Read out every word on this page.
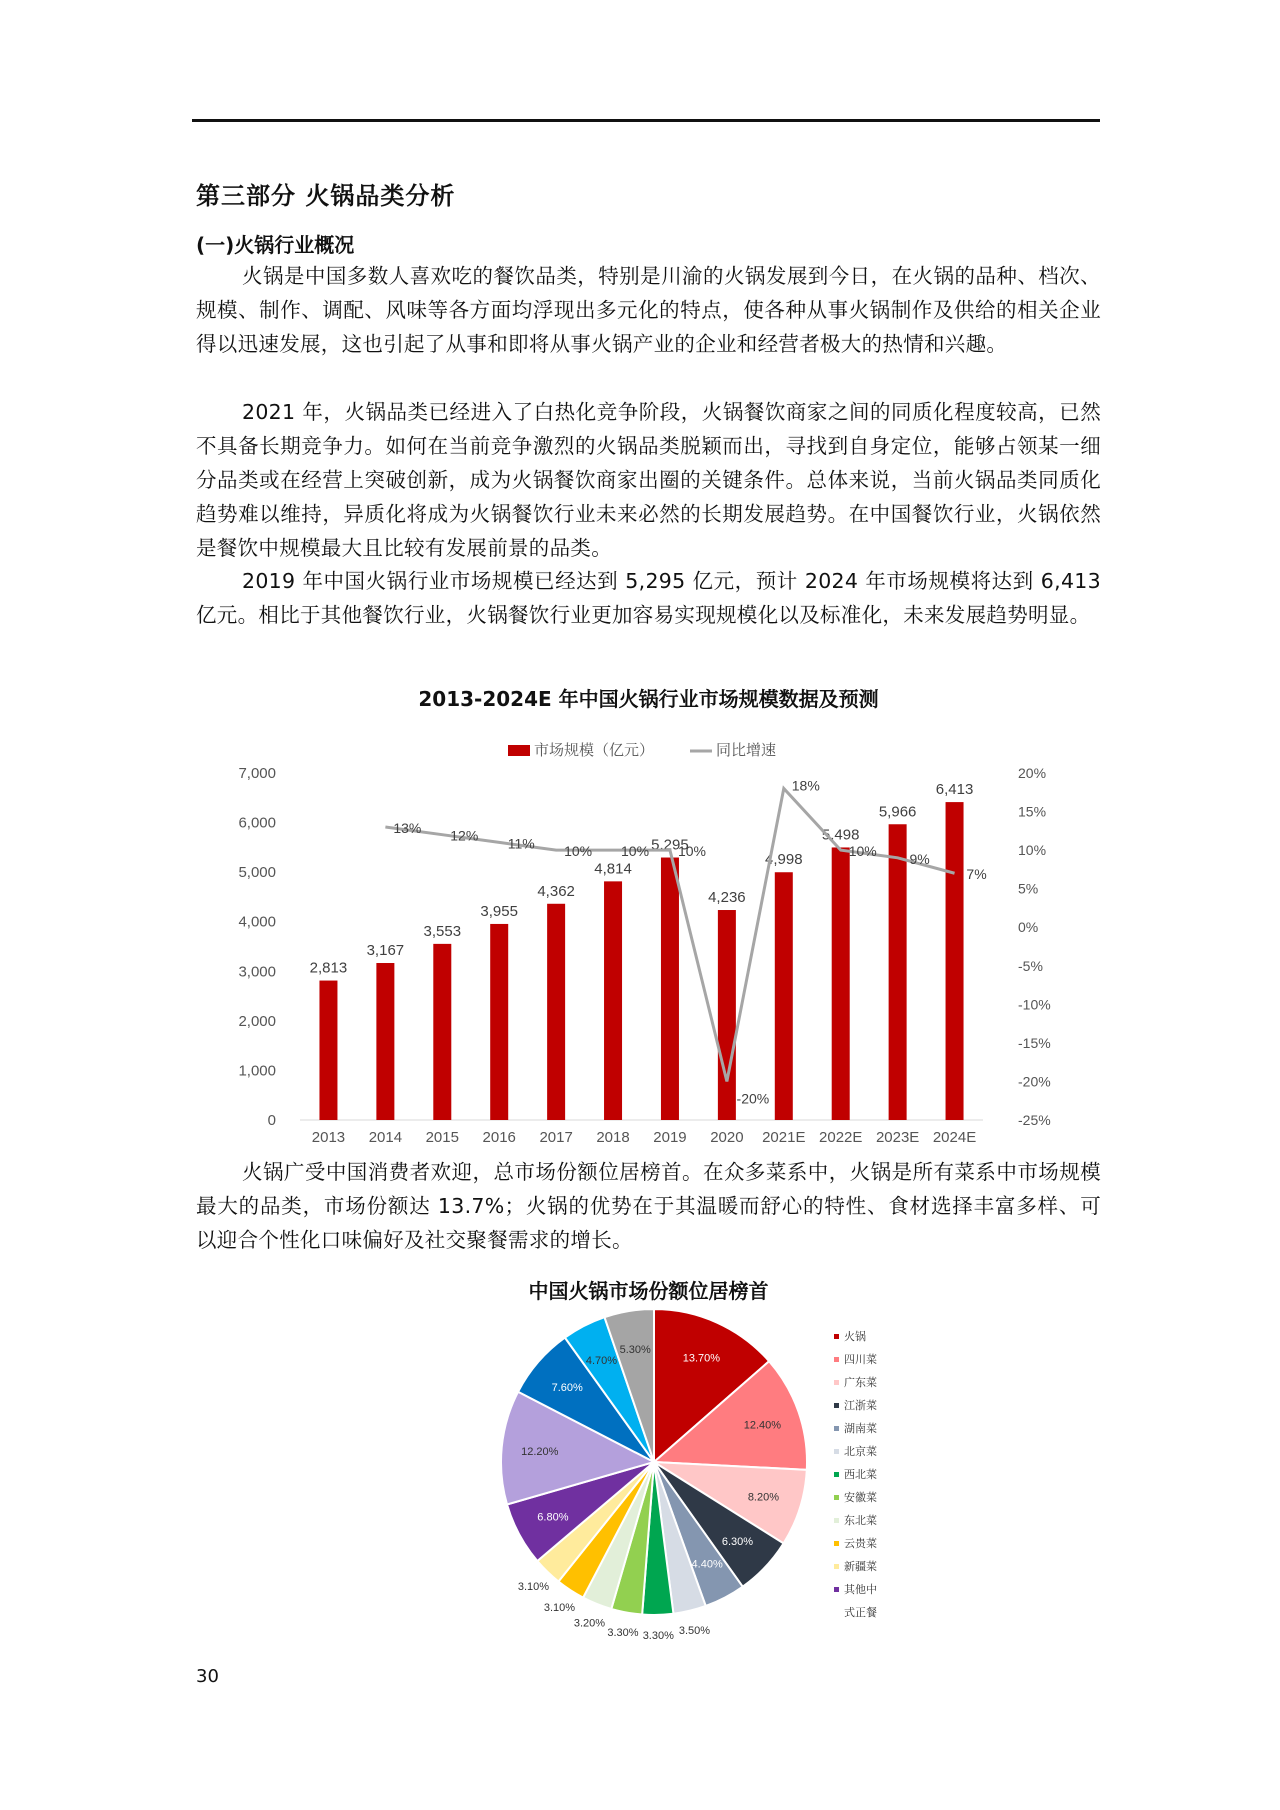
第三部分 火锅品类分析
(一)火锅行业概况
火锅是中国多数人喜欢吃的餐饮品类，特别是川渝的火锅发展到今日，在火锅的品种、档次、规模、制作、调配、风味等各方面均浮现出多元化的特点，使各种从事火锅制作及供给的相关企业得以迅速发展，这也引起了从事和即将从事火锅产业的企业和经营者极大的热情和兴趣。
2021 年，火锅品类已经进入了白热化竞争阶段，火锅餐饮商家之间的同质化程度较高，已然不具备长期竞争力。如何在当前竞争激烈的火锅品类脱颖而出，寻找到自身定位，能够占领某一细分品类或在经营上突破创新，成为火锅餐饮商家出圈的关键条件。总体来说，当前火锅品类同质化趋势难以维持，异质化将成为火锅餐饮行业未来必然的长期发展趋势。在中国餐饮行业，火锅依然是餐饮中规模最大且比较有发展前景的品类。
2019 年中国火锅行业市场规模已经达到 5,295 亿元，预计 2024 年市场规模将达到 6,413 亿元。相比于其他餐饮行业，火锅餐饮行业更加容易实现规模化以及标准化，未来发展趋势明显。
2013-2024E 年中国火锅行业市场规模数据及预测
市场规模（亿元）	同比增速
0
1,000
2,000
3,000
4,000
5,000
6,000
7,000
-25%
-20%
-15%
-10%
-5%
0%
5%
10%
15%
20%
2,813
2013
3,167
2014
3,553
2015
3,955
2016
4,362
2017
4,814
2018
5,295
2019
4,236
2020
4,998
2021E
5,498
2022E
5,966
2023E
6,413
2024E
13% 12% 11% 10% 10% 10%
-20%
18%
10% 9%
7%
火锅广受中国消费者欢迎，总市场份额位居榜首。在众多菜系中，火锅是所有菜系中市场规模最大的品类，市场份额达 13.7%；火锅的优势在于其温暖而舒心的特性、食材选择丰富多样、可以迎合个性化口味偏好及社交聚餐需求的增长。
中国火锅市场份额位居榜首
13.70%
12.40%
8.20%
6.30%
4.40%
3.50%
3.30%
3.30%
3.20%
3.10%
3.10%
6.80%
12.20%
7.60%
4.70%
5.30%
火锅
四川菜
广东菜
江浙菜
湖南菜
北京菜
西北菜
安徽菜
东北菜
云贵菜
新疆菜
其他中
式正餐
30
